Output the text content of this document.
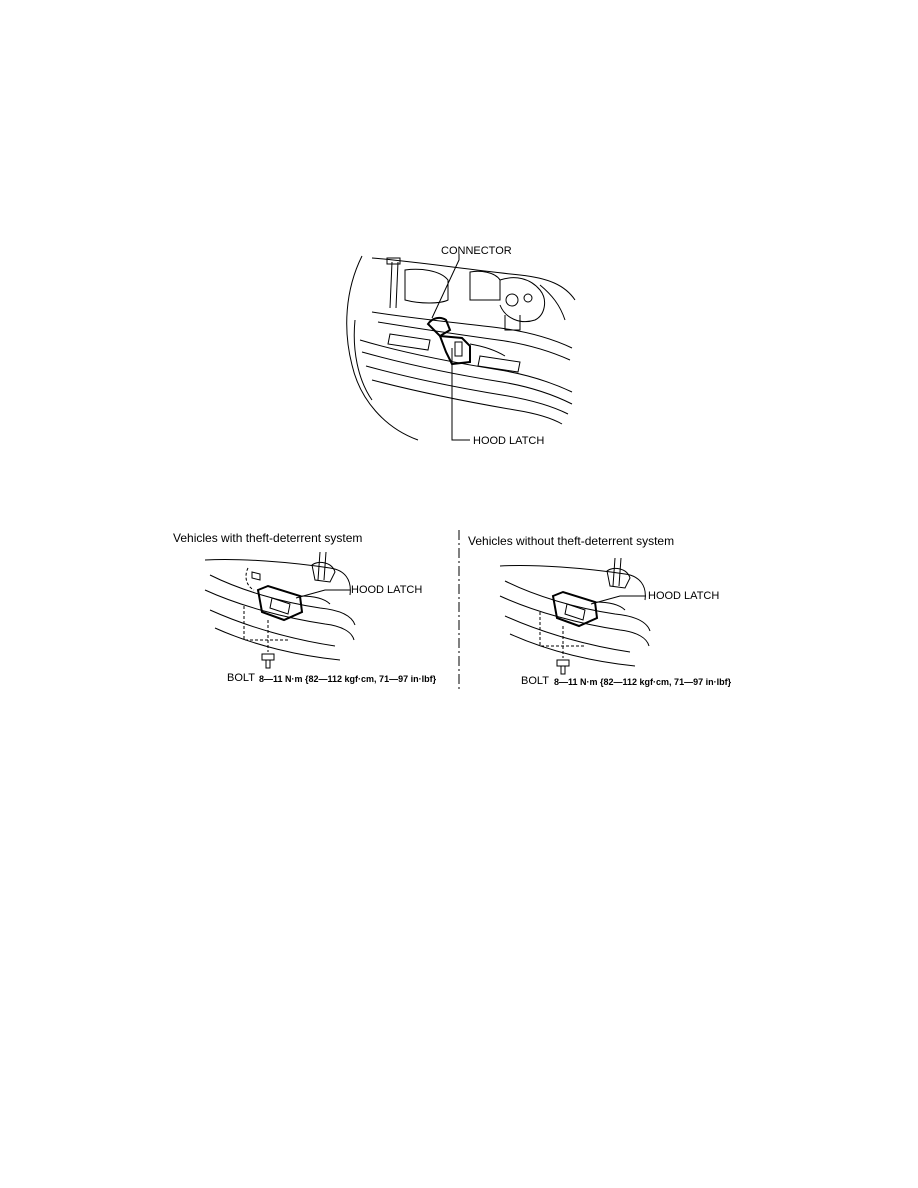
CONNECTOR
HOOD LATCH
Vehicles with theft-deterrent system
HOOD LATCH
BOLT 8—11 N·m {82—112 kgf·cm, 71—97 in·lbf}
Vehicles without theft-deterrent system
HOOD LATCH
BOLT 8—11 N·m {82—112 kgf·cm, 71—97 in·lbf}
